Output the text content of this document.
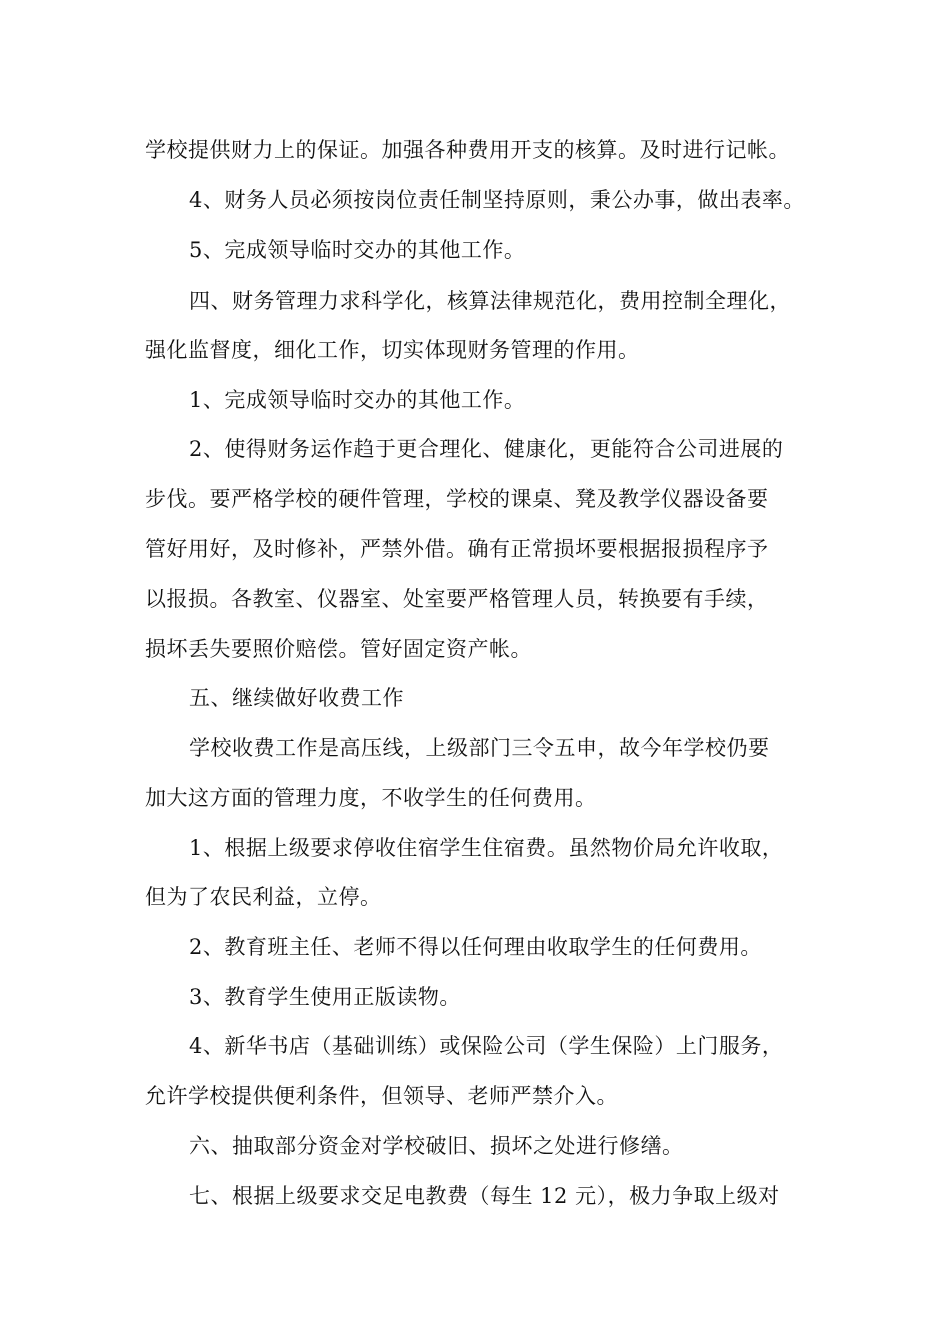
学校提供财力上的保证。加强各种费用开支的核算。及时进行记帐。
4、财务人员必须按岗位责任制坚持原则，秉公办事，做出表率。
5、完成领导临时交办的其他工作。
四、财务管理力求科学化，核算法律规范化，费用控制全理化，
强化监督度，细化工作，切实体现财务管理的作用。
1、完成领导临时交办的其他工作。
2、使得财务运作趋于更合理化、健康化，更能符合公司进展的
步伐。要严格学校的硬件管理，学校的课桌、凳及教学仪器设备要
管好用好，及时修补，严禁外借。确有正常损坏要根据报损程序予
以报损。各教室、仪器室、处室要严格管理人员，转换要有手续，
损坏丢失要照价赔偿。管好固定资产帐。
五、继续做好收费工作
学校收费工作是高压线，上级部门三令五申，故今年学校仍要
加大这方面的管理力度，不收学生的任何费用。
1、根据上级要求停收住宿学生住宿费。虽然物价局允许收取，
但为了农民利益，立停。
2、教育班主任、老师不得以任何理由收取学生的任何费用。
3、教育学生使用正版读物。
4、新华书店（基础训练）或保险公司（学生保险）上门服务，
允许学校提供便利条件，但领导、老师严禁介入。
六、抽取部分资金对学校破旧、损坏之处进行修缮。
七、根据上级要求交足电教费（每生 12 元），极力争取上级对
